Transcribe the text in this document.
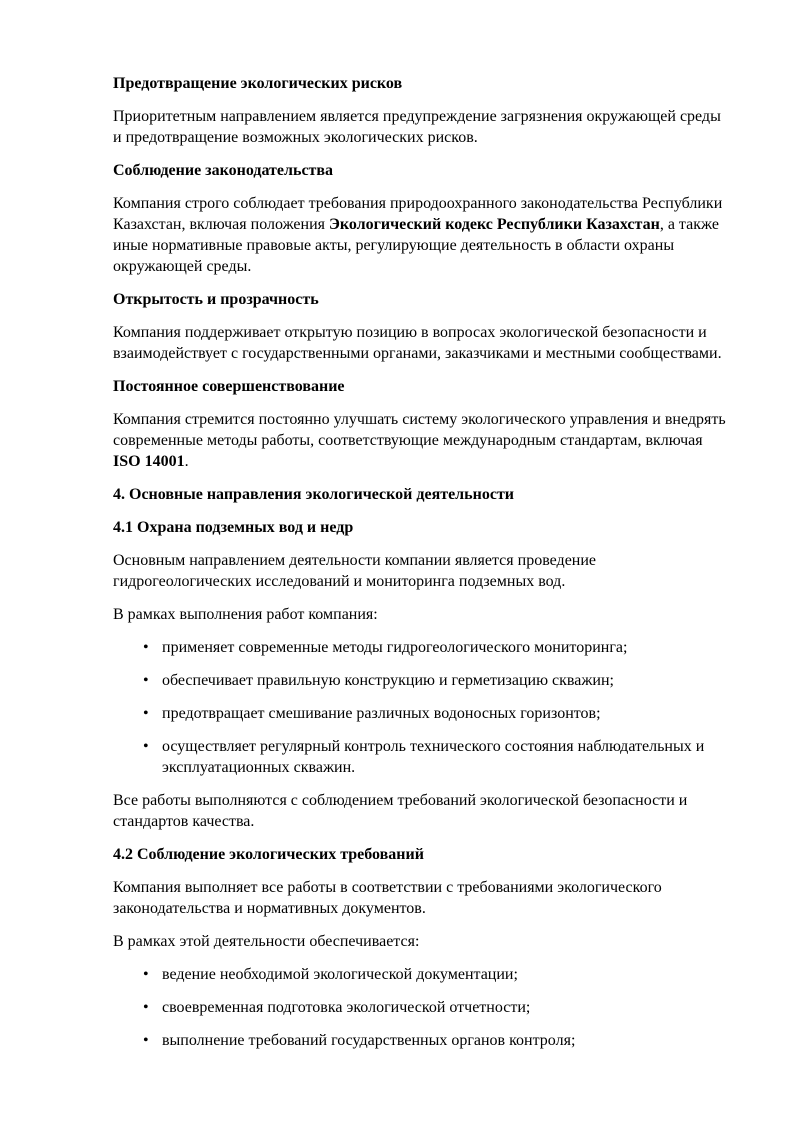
Предотвращение экологических рисков

Приоритетным направлением является предупреждение загрязнения окружающей среды и предотвращение возможных экологических рисков.

Соблюдение законодательства

Компания строго соблюдает требования природоохранного законодательства Республики Казахстан, включая положения Экологический кодекс Республики Казахстан, а также иные нормативные правовые акты, регулирующие деятельность в области охраны окружающей среды.

Открытость и прозрачность

Компания поддерживает открытую позицию в вопросах экологической безопасности и взаимодействует с государственными органами, заказчиками и местными сообществами.

Постоянное совершенствование

Компания стремится постоянно улучшать систему экологического управления и внедрять современные методы работы, соответствующие международным стандартам, включая ISO 14001.

4. Основные направления экологической деятельности

4.1 Охрана подземных вод и недр

Основным направлением деятельности компании является проведение гидрогеологических исследований и мониторинга подземных вод.

В рамках выполнения работ компания:

• применяет современные методы гидрогеологического мониторинга;
• обеспечивает правильную конструкцию и герметизацию скважин;
• предотвращает смешивание различных водоносных горизонтов;
• осуществляет регулярный контроль технического состояния наблюдательных и эксплуатационных скважин.

Все работы выполняются с соблюдением требований экологической безопасности и стандартов качества.

4.2 Соблюдение экологических требований

Компания выполняет все работы в соответствии с требованиями экологического законодательства и нормативных документов.

В рамках этой деятельности обеспечивается:

• ведение необходимой экологической документации;
• своевременная подготовка экологической отчетности;
• выполнение требований государственных органов контроля;
